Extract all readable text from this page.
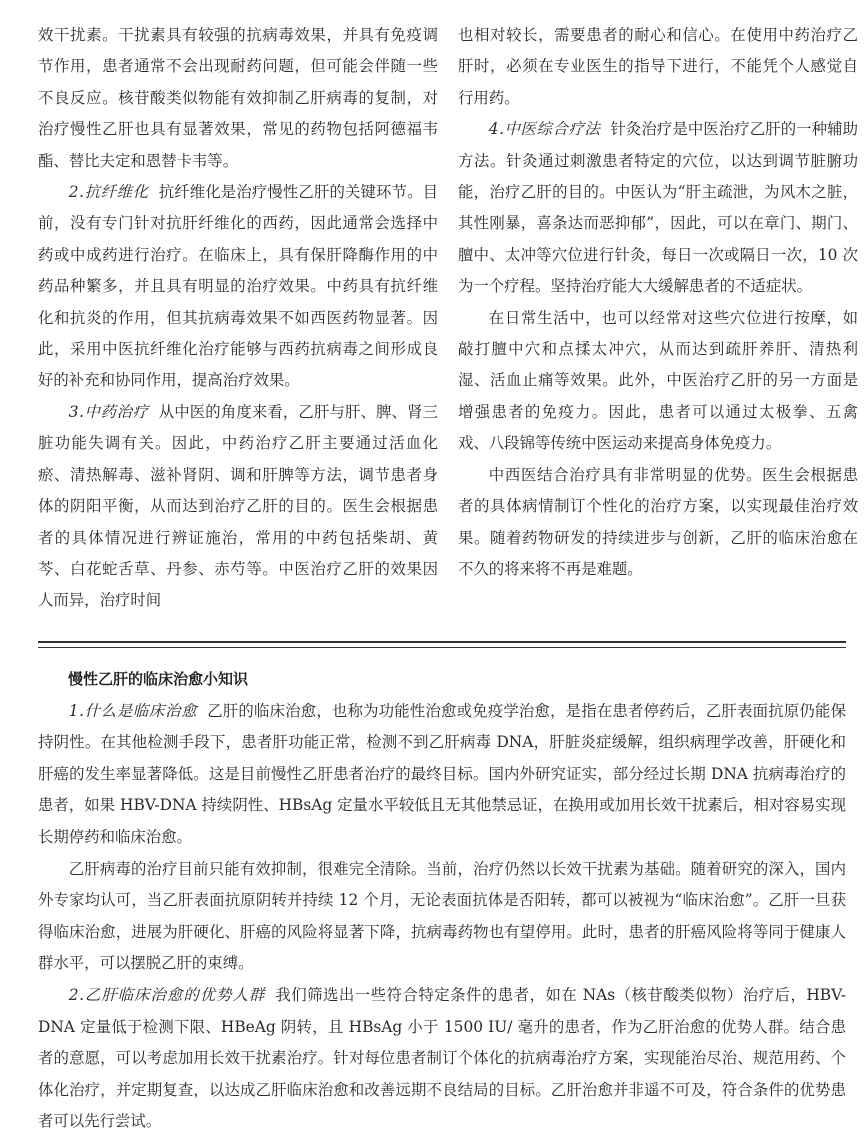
效干扰素。干扰素具有较强的抗病毒效果，并具有免疫调节作用，患者通常不会出现耐药问题，但可能会伴随一些不良反应。核苷酸类似物能有效抑制乙肝病毒的复制，对治疗慢性乙肝也具有显著效果，常见的药物包括阿德福韦酯、替比夫定和恩替卡韦等。

2.抗纤维化 抗纤维化是治疗慢性乙肝的关键环节。目前，没有专门针对抗肝纤维化的西药，因此通常会选择中药或中成药进行治疗。在临床上，具有保肝降酶作用的中药品种繁多，并且具有明显的治疗效果。中药具有抗纤维化和抗炎的作用，但其抗病毒效果不如西医药物显著。因此，采用中医抗纤维化治疗能够与西药抗病毒之间形成良好的补充和协同作用，提高治疗效果。

3.中药治疗 从中医的角度来看，乙肝与肝、脾、肾三脏功能失调有关。因此，中药治疗乙肝主要通过活血化瘀、清热解毒、滋补肾阴、调和肝脾等方法，调节患者身体的阴阳平衡，从而达到治疗乙肝的目的。医生会根据患者的具体情况进行辨证施治，常用的中药包括柴胡、黄芩、白花蛇舌草、丹参、赤芍等。中医治疗乙肝的效果因人而异，治疗时间

也相对较长，需要患者的耐心和信心。在使用中药治疗乙肝时，必须在专业医生的指导下进行，不能凭个人感觉自行用药。

4.中医综合疗法 针灸治疗是中医治疗乙肝的一种辅助方法。针灸通过刺激患者特定的穴位，以达到调节脏腑功能，治疗乙肝的目的。中医认为“肝主疏泄，为风木之脏，其性刚暴，喜条达而恶抑郁”，因此，可以在章门、期门、膻中、太冲等穴位进行针灸，每日一次或隔日一次，10 次为一个疗程。坚持治疗能大大缓解患者的不适症状。

在日常生活中，也可以经常对这些穴位进行按摩，如敲打膻中穴和点揉太冲穴，从而达到疏肝养肝、清热利湿、活血止痛等效果。此外，中医治疗乙肝的另一方面是增强患者的免疫力。因此，患者可以通过太极拳、五禽戏、八段锦等传统中医运动来提高身体免疫力。

中西医结合治疗具有非常明显的优势。医生会根据患者的具体病情制订个性化的治疗方案，以实现最佳治疗效果。随着药物研发的持续进步与创新，乙肝的临床治愈在不久的将来将不再是难题。

慢性乙肝的临床治愈小知识

1.什么是临床治愈 乙肝的临床治愈，也称为功能性治愈或免疫学治愈，是指在患者停药后，乙肝表面抗原仍能保持阴性。在其他检测手段下，患者肝功能正常，检测不到乙肝病毒 DNA，肝脏炎症缓解，组织病理学改善，肝硬化和肝癌的发生率显著降低。这是目前慢性乙肝患者治疗的最终目标。国内外研究证实，部分经过长期 DNA 抗病毒治疗的患者，如果 HBV-DNA 持续阴性、HBsAg 定量水平较低且无其他禁忌证，在换用或加用长效干扰素后，相对容易实现长期停药和临床治愈。

乙肝病毒的治疗目前只能有效抑制，很难完全清除。当前，治疗仍然以长效干扰素为基础。随着研究的深入，国内外专家均认可，当乙肝表面抗原阴转并持续 12 个月，无论表面抗体是否阳转，都可以被视为“临床治愈”。乙肝一旦获得临床治愈，进展为肝硬化、肝癌的风险将显著下降，抗病毒药物也有望停用。此时，患者的肝癌风险将等同于健康人群水平，可以摆脱乙肝的束缚。

2.乙肝临床治愈的优势人群 我们筛选出一些符合特定条件的患者，如在 NAs（核苷酸类似物）治疗后，HBV-DNA 定量低于检测下限、HBeAg 阴转，且 HBsAg 小于 1500 IU/ 毫升的患者，作为乙肝治愈的优势人群。结合患者的意愿，可以考虑加用长效干扰素治疗。针对每位患者制订个体化的抗病毒治疗方案，实现能治尽治、规范用药、个体化治疗，并定期复查，以达成乙肝临床治愈和改善远期不良结局的目标。乙肝治愈并非遥不可及，符合条件的优势患者可以先行尝试。
